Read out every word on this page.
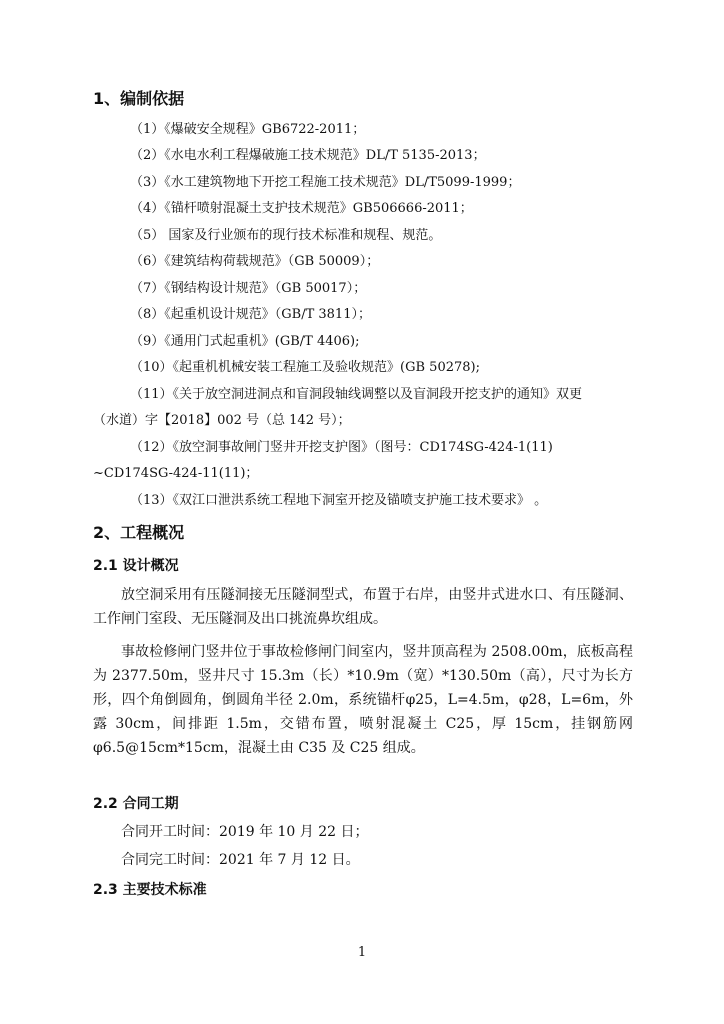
1、编制依据

（1）《爆破安全规程》GB6722-2011；

（2）《水电水利工程爆破施工技术规范》DL/T 5135-2013；

（3）《水工建筑物地下开挖工程施工技术规范》DL/T5099-1999；

（4）《锚杆喷射混凝土支护技术规范》GB506666-2011；

（5） 国家及行业颁布的现行技术标准和规程、规范。

（6）《建筑结构荷载规范》（GB 50009）；

（7）《钢结构设计规范》（GB 50017）；

（8）《起重机设计规范》（GB/T 3811）；

（9）《通用门式起重机》(GB/T 4406);

（10）《起重机机械安装工程施工及验收规范》(GB 50278);

（11）《关于放空洞进洞点和盲洞段轴线调整以及盲洞段开挖支护的通知》双更

（水道）字【2018】002 号（总 142 号）；

（12）《放空洞事故闸门竖井开挖支护图》（图号：CD174SG-424-1(11)

~CD174SG-424-11(11)；

（13）《双江口泄洪系统工程地下洞室开挖及锚喷支护施工技术要求》 。

2、工程概况
2.1 设计概况

放空洞采用有压隧洞接无压隧洞型式，布置于右岸，由竖井式进水口、有压隧洞、工作闸门室段、无压隧洞及出口挑流鼻坎组成。

事故检修闸门竖井位于事故检修闸门间室内，竖井顶高程为 2508.00m，底板高程为 2377.50m，竖井尺寸 15.3m（长）*10.9m（宽）*130.50m（高），尺寸为长方形，四个角倒圆角，倒圆角半径 2.0m，系统锚杆φ25，L=4.5m，φ28，L=6m，外露 30cm，间排距 1.5m，交错布置，喷射混凝土 C25，厚 15cm，挂钢筋网φ6.5@15cm*15cm，混凝土由 C35 及 C25 组成。

2.2 合同工期

合同开工时间：2019 年 10 月 22 日；

合同完工时间：2021 年 7 月 12 日。

2.3 主要技术标准

1
